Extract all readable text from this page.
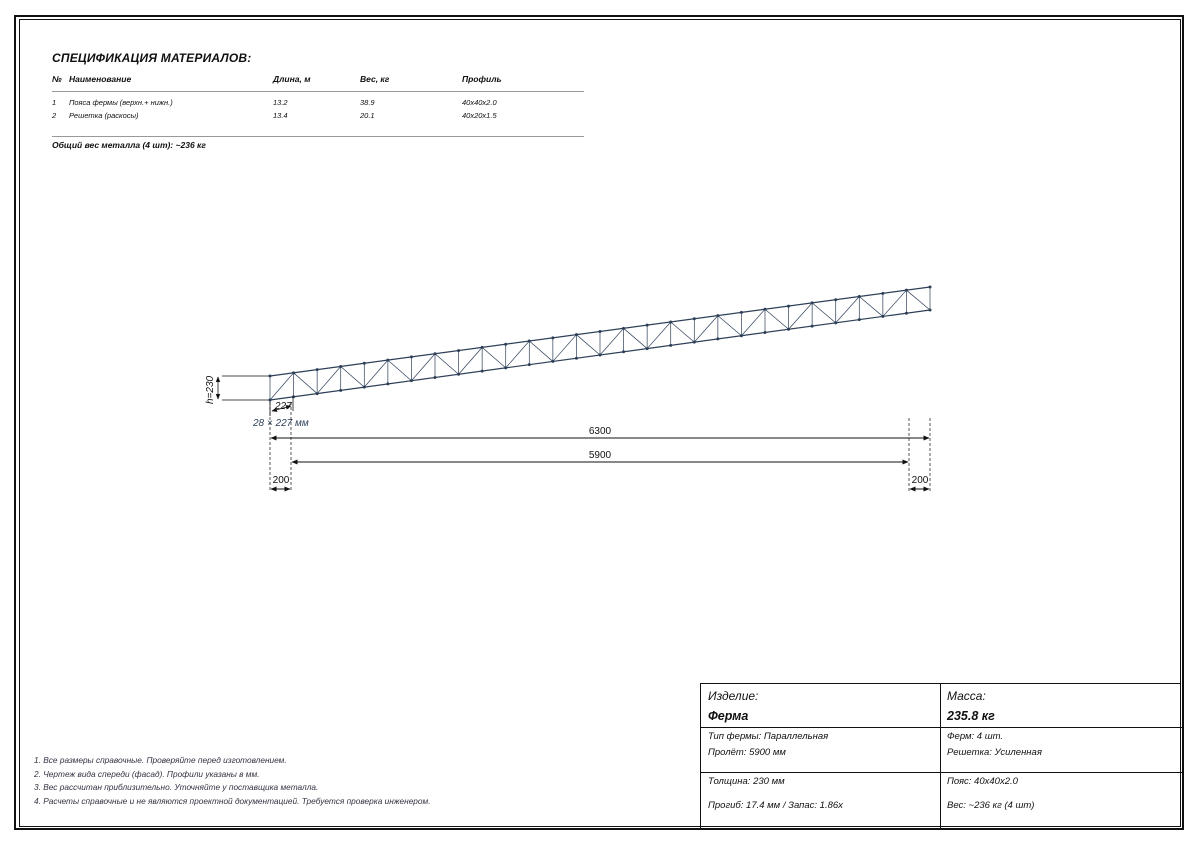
СПЕЦИФИКАЦИЯ МАТЕРИАЛОВ:
№ Наименование	Длина, м	Вес, кг	Профиль
1 Пояса фермы (верхн.+ нижн.)	13.2	38.9	40x40x2.0
2 Решетка (раскосы)	13.4	20.1	40x20x1.5
Общий вес металла (4 шт): ~236 кг
h=230
227
28 × 227 мм
6300
5900
200	200
1. Все размеры справочные. Проверяйте перед изготовлением.
2. Чертеж вида спереди (фасад). Профили указаны в мм.
3. Вес рассчитан приблизительно. Уточняйте у поставщика металла.
4. Расчеты справочные и не являются проектной документацией. Требуется проверка инженером.
Изделие:
Ферма
Масса:
235.8 кг
Тип фермы: Параллельная
Пролёт: 5900 мм
Ферм: 4 шт.
Решетка: Усиленная
Толщина: 230 мм
Прогиб: 17.4 мм / Запас: 1.86x
Пояс: 40x40x2.0
Вес: ~236 кг (4 шт)
